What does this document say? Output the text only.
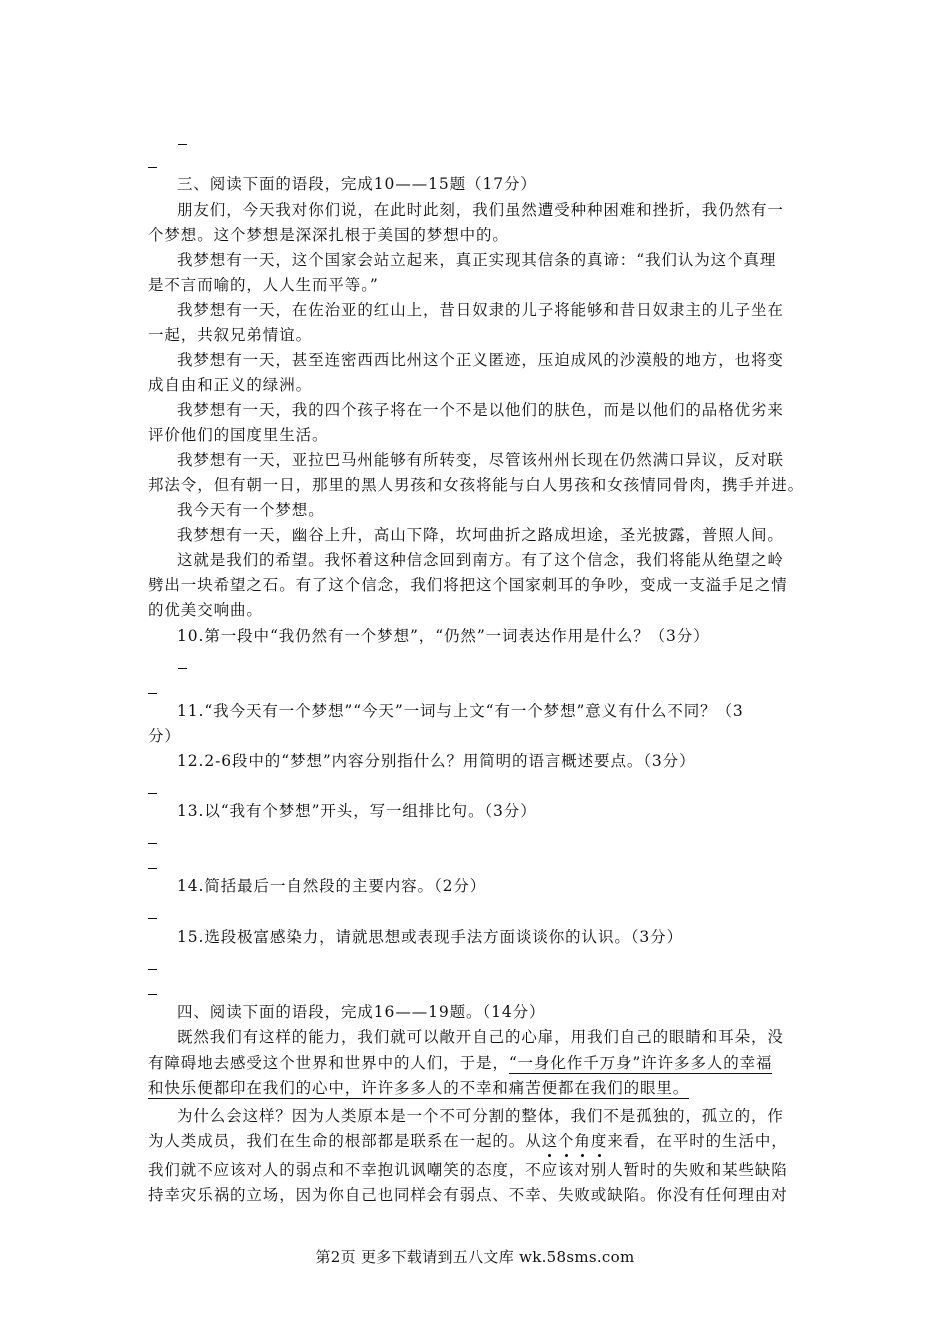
三、阅读下面的语段，完成10——15题（17分）
朋友们，今天我对你们说，在此时此刻，我们虽然遭受种种困难和挫折，我仍然有一
个梦想。这个梦想是深深扎根于美国的梦想中的。
我梦想有一天，这个国家会站立起来，真正实现其信条的真谛：“我们认为这个真理
是不言而喻的，人人生而平等。”
我梦想有一天，在佐治亚的红山上，昔日奴隶的儿子将能够和昔日奴隶主的儿子坐在
一起，共叙兄弟情谊。
我梦想有一天，甚至连密西西比州这个正义匿迹，压迫成风的沙漠般的地方，也将变
成自由和正义的绿洲。
我梦想有一天，我的四个孩子将在一个不是以他们的肤色，而是以他们的品格优劣来
评价他们的国度里生活。
我梦想有一天，亚拉巴马州能够有所转变，尽管该州州长现在仍然满口异议，反对联
邦法令，但有朝一日，那里的黑人男孩和女孩将能与白人男孩和女孩情同骨肉，携手并进。
我今天有一个梦想。
我梦想有一天，幽谷上升，高山下降，坎坷曲折之路成坦途，圣光披露，普照人间。
这就是我们的希望。我怀着这种信念回到南方。有了这个信念，我们将能从绝望之岭
劈出一块希望之石。有了这个信念，我们将把这个国家刺耳的争吵，变成一支溢手足之情
的优美交响曲。
10.第一段中“我仍然有一个梦想”，“仍然”一词表达作用是什么？（3分）
11.“我今天有一个梦想”“今天”一词与上文“有一个梦想”意义有什么不同？（3
分）
12.2-6段中的“梦想”内容分别指什么？用简明的语言概述要点。（3分）
13.以“我有个梦想”开头，写一组排比句。（3分）
14.简括最后一自然段的主要内容。（2分）
15.选段极富感染力，请就思想或表现手法方面谈谈你的认识。（3分）
四、阅读下面的语段，完成16——19题。（14分）
既然我们有这样的能力，我们就可以敞开自己的心扉，用我们自己的眼睛和耳朵，没
有障碍地去感受这个世界和世界中的人们，于是，“一身化作千万身”许许多多人的幸福
和快乐便都印在我们的心中，许许多多人的不幸和痛苦便都在我们的眼里。
为什么会这样？因为人类原本是一个不可分割的整体，我们不是孤独的，孤立的，作
为人类成员，我们在生命的根部都是联系在一起的。从这个角度来看，在平时的生活中，
我们就不应该对人的弱点和不幸抱讥讽嘲笑的态度，不应该对别人暂时的失败和某些缺陷
持幸灾乐祸的立场，因为你自己也同样会有弱点、不幸、失败或缺陷。你没有任何理由对
第2页 更多下载请到五八文库 wk.58sms.com
